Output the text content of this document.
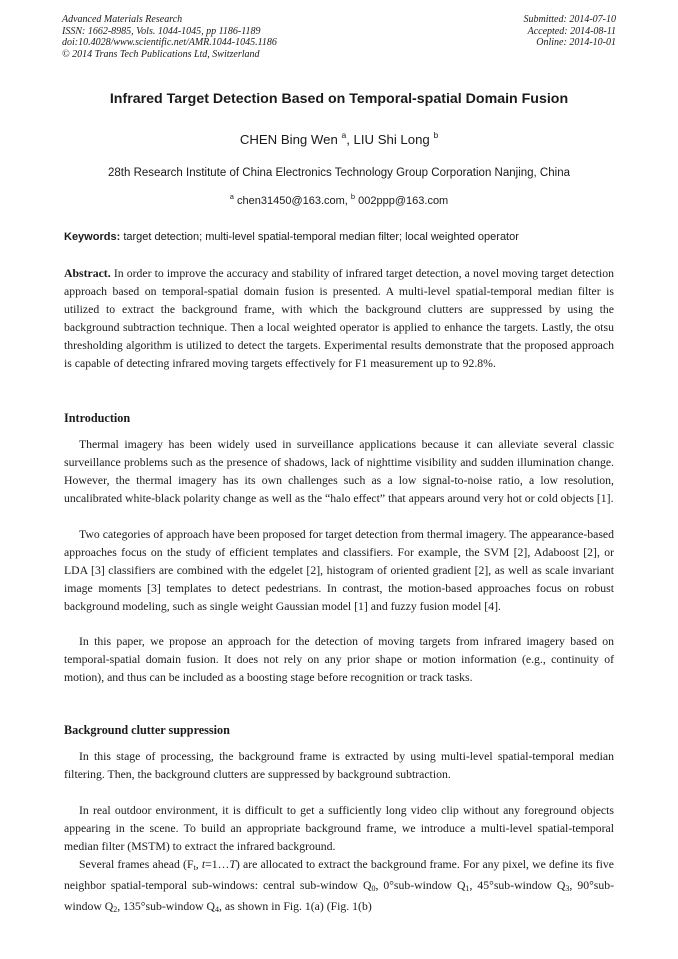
Advanced Materials Research
ISSN: 1662-8985, Vols. 1044-1045, pp 1186-1189
doi:10.4028/www.scientific.net/AMR.1044-1045.1186
© 2014 Trans Tech Publications Ltd, Switzerland
Submitted: 2014-07-10
Accepted: 2014-08-11
Online: 2014-10-01
Infrared Target Detection Based on Temporal-spatial Domain Fusion
CHEN Bing Wen $^a$, LIU Shi Long $^b$
28th Research Institute of China Electronics Technology Group Corporation Nanjing, China
$^a$ chen31450@163.com, $^b$ 002ppp@163.com
Keywords: target detection; multi-level spatial-temporal median filter; local weighted operator
Abstract. In order to improve the accuracy and stability of infrared target detection, a novel moving target detection approach based on temporal-spatial domain fusion is presented. A multi-level spatial-temporal median filter is utilized to extract the background frame, with which the background clutters are suppressed by using the background subtraction technique. Then a local weighted operator is applied to enhance the targets. Lastly, the otsu thresholding algorithm is utilized to detect the targets. Experimental results demonstrate that the proposed approach is capable of detecting infrared moving targets effectively for F1 measurement up to 92.8%.
Introduction
Thermal imagery has been widely used in surveillance applications because it can alleviate several classic surveillance problems such as the presence of shadows, lack of nighttime visibility and sudden illumination change. However, the thermal imagery has its own challenges such as a low signal-to-noise ratio, a low resolution, uncalibrated white-black polarity change as well as the “halo effect” that appears around very hot or cold objects [1].
Two categories of approach have been proposed for target detection from thermal imagery. The appearance-based approaches focus on the study of efficient templates and classifiers. For example, the SVM [2], Adaboost [2], or LDA [3] classifiers are combined with the edgelet [2], histogram of oriented gradient [2], as well as scale invariant image moments [3] templates to detect pedestrians. In contrast, the motion-based approaches focus on robust background modeling, such as single weight Gaussian model [1] and fuzzy fusion model [4].
In this paper, we propose an approach for the detection of moving targets from infrared imagery based on temporal-spatial domain fusion. It does not rely on any prior shape or motion information (e.g., continuity of motion), and thus can be included as a boosting stage before recognition or track tasks.
Background clutter suppression
In this stage of processing, the background frame is extracted by using multi-level spatial-temporal median filtering. Then, the background clutters are suppressed by background subtraction.
In real outdoor environment, it is difficult to get a sufficiently long video clip without any foreground objects appearing in the scene. To build an appropriate background frame, we introduce a multi-level spatial-temporal median filter (MSTM) to extract the infrared background.
Several frames ahead ($F_t$, t=1…T) are allocated to extract the background frame. For any pixel, we define its five neighbor spatial-temporal sub-windows: central sub-window $Q_0$, 0°sub-window $Q_1$, 45°sub-window $Q_3$, 90°sub-window $Q_2$, 135°sub-window $Q_4$, as shown in Fig. 1(a) (Fig. 1(b)
